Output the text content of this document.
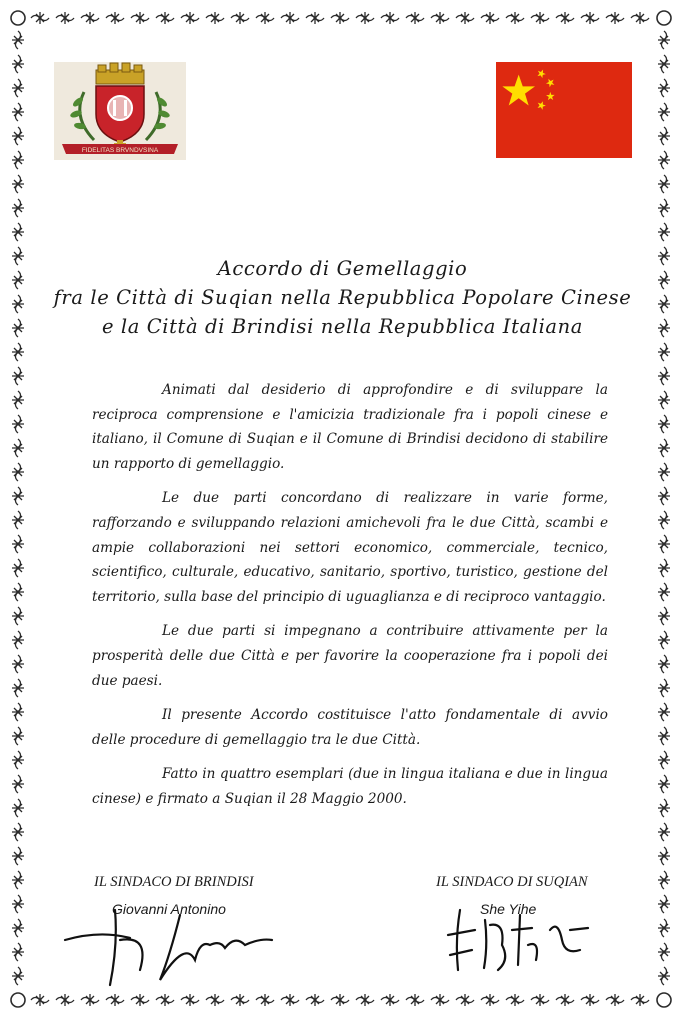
FIDELITAS BRVNDVSINA
Accordo di Gemellaggio
fra le Città di Suqian nella Repubblica Popolare Cinese
e la Città di Brindisi nella Repubblica Italiana

Animati dal desiderio di approfondire e di sviluppare la reciproca comprensione e l'amicizia tradizionale fra i popoli cinese e italiano, il Comune di Suqian e il Comune di Brindisi decidono di stabilire un rapporto di gemellaggio.

Le due parti concordano di realizzare in varie forme, rafforzando e sviluppando relazioni amichevoli fra le due Città, scambi e ampie collaborazioni nei settori economico, commerciale, tecnico, scientifico, culturale, educativo, sanitario, sportivo, turistico, gestione del territorio, sulla base del principio di uguaglianza e di reciproco vantaggio.

Le due parti si impegnano a contribuire attivamente per la prosperità delle due Città e per favorire la cooperazione fra i popoli dei due paesi.

Il presente Accordo costituisce l'atto fondamentale di avvio delle procedure di gemellaggio tra le due Città.

Fatto in quattro esemplari (due in lingua italiana e due in lingua cinese) e firmato a Suqian il 28 Maggio 2000.

IL SINDACO DI BRINDISI
Giovanni Antonino
IL SINDACO DI SUQIAN
She Yihe
